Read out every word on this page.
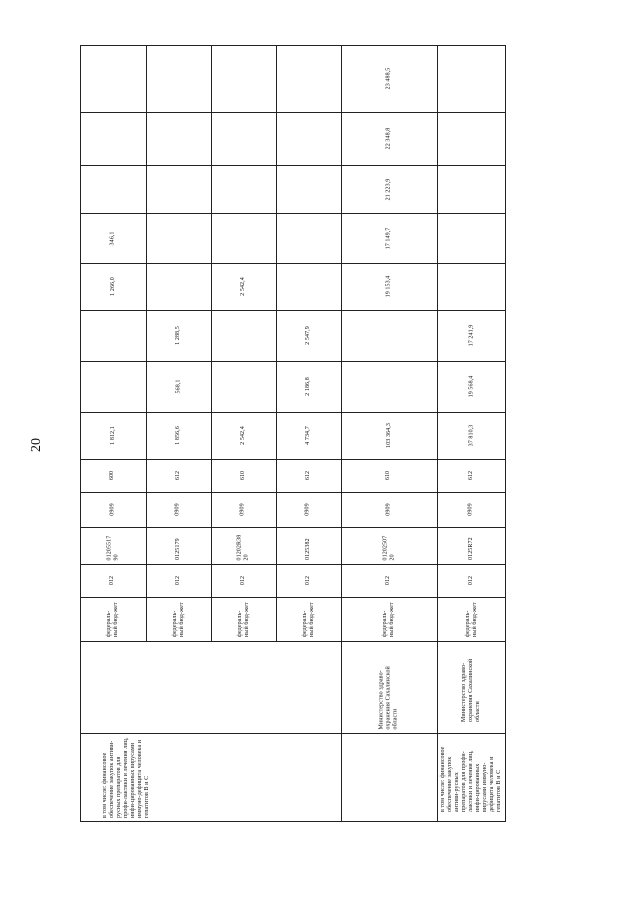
20
в том числе: финансовое обеспечение закупок антиви-русных препаратов для профи-лактики и лечения лиц, инфи-цированных вирусами иммуно-дефицита человека и гепатитов B и C
федераль-ный бюд-жет
012
01205517 90
0909
600
1 812,1
1 266,0
346,1
федераль-ный бюд-жет
012
0125179
0909
612
1 856,6
568,1
1 288,5
федераль-ный бюд-жет
012
01202R38 20
0909
610
2 542,4
2 542,4
федераль-ный бюд-жет
012
0125382
0909
612
4 734,7
2 186,8
2 547,9
Министерство здраво-охранения Сахалинской области
федераль-ный бюд-жет
012
01202507 20
0909
610
103 364,3
19 153,4
17 149,7
21 223,9
22 348,8
23 488,5
в том числе: финансовое обеспечение закупок антиви-русных препаратов для профи-лактики и лечения лиц, инфи-цированных вирусами иммуно-дефицита человека и гепатитов B и C
Министерство здраво-охранения Сахалинской области
федераль-ный бюд-жет
012
0125R72
0909
612
37 810,3
19 568,4
17 241,9
